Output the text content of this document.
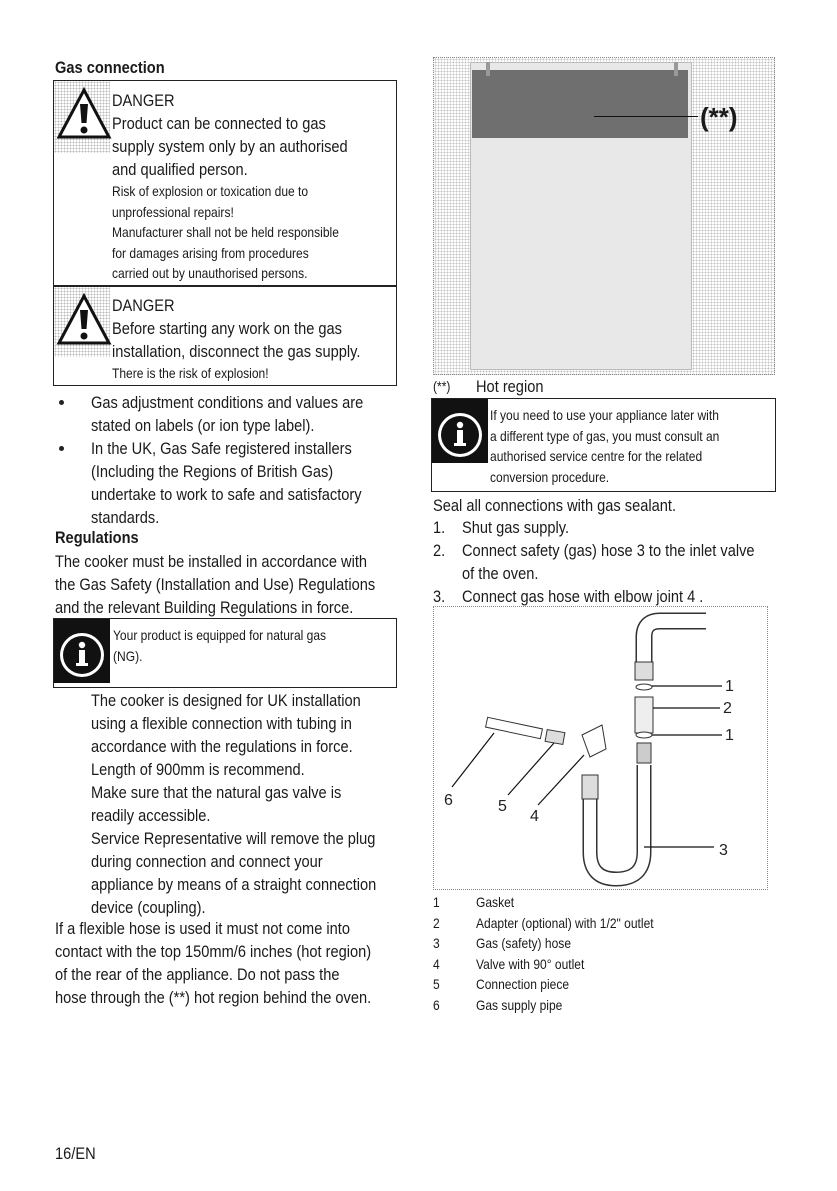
Gas connection
DANGER
Product can be connected to gas
supply system only by an authorised
and qualified person.
Risk of explosion or toxication due to
unprofessional repairs!
Manufacturer shall not be held responsible
for damages arising from procedures
carried out by unauthorised persons.
DANGER
Before starting any work on the gas
installation, disconnect the gas supply.
There is the risk of explosion!
Gas adjustment conditions and values are
stated on labels (or ion type label).
In the UK, Gas Safe registered installers
(Including the Regions of British Gas)
undertake to work to safe and satisfactory
standards.
Regulations
The cooker must be installed in accordance with
the Gas Safety (Installation and Use) Regulations
and the relevant Building Regulations in force.
Your product is equipped for natural gas
(NG).
The cooker is designed for UK installation
using a flexible connection with tubing in
accordance with the regulations in force.
Length of 900mm is recommend.
Make sure that the natural gas valve is
readily accessible.
Service Representative will remove the plug
during connection and connect your
appliance by means of a straight connection
device (coupling).
If a flexible hose is used it must not come into
contact with the top 150mm/6 inches (hot region)
of the rear of the appliance. Do not pass the
hose through the (**) hot region behind the oven.
(**)
(**) Hot region
If you need to use your appliance later with
a different type of gas, you must consult an
authorised service centre for the related
conversion procedure.
Seal all connections with gas sealant.
1. Shut gas supply.
2. Connect safety (gas) hose 3 to the inlet valve
of the oven.
3. Connect gas hose with elbow joint 4 .
1
2
1
6	5
4
3
1	Gasket
2	Adapter (optional) with 1/2" outlet
3	Gas (safety) hose
4	Valve with 90° outlet
5	Connection piece
6	Gas supply pipe
16/EN
